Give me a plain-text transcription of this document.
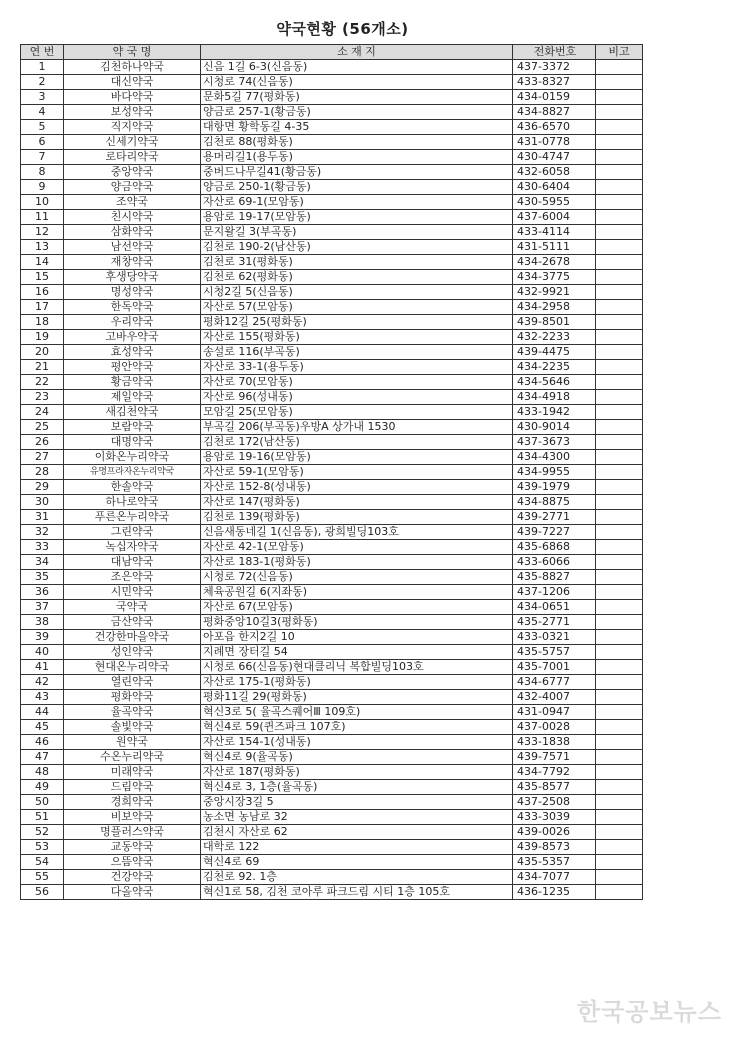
약국현황 (56개소)
연 번	약 국 명	소 재 지	전화번호	비고
1	김천하나약국	신음 1길 6-3(신음동)	437-3372	
2	대신약국	시청로 74(신음동)	433-8327	
3	바다약국	문화5길 77(평화동)	434-0159	
4	보성약국	양금로 257-1(황금동)	434-8827	
5	직지약국	대항면 황학동길 4-35	436-6570	
6	신세기약국	김천로 88(평화동)	431-0778	
7	로타리약국	용머리길1(용두동)	430-4747	
8	중앙약국	중버드나무길41(황금동)	432-6058	
9	양금약국	양금로 250-1(황금동)	430-6404	
10	조약국	자산로 69-1(모암동)	430-5955	
11	친시약국	용암로 19-17(모암동)	437-6004	
12	삼화약국	문지왈길 3(부곡동)	433-4114	
13	남선약국	김천로 190-2(남산동)	431-5111	
14	재창약국	김천로 31(평화동)	434-2678	
15	후생당약국	김천로 62(평화동)	434-3775	
16	명성약국	시청2길 5(신음동)	432-9921	
17	한독약국	자산로 57(모암동)	434-2958	
18	우리약국	평화12길 25(평화동)	439-8501	
19	고바우약국	자산로 155(평화동)	432-2233	
20	효성약국	송설로 116(부곡동)	439-4475	
21	평안약국	자산로 33-1(용두동)	434-2235	
22	황금약국	자산로 70(모암동)	434-5646	
23	제일약국	자산로 96(성내동)	434-4918	
24	새김천약국	모암길 25(모암동)	433-1942	
25	보람약국	부곡길 206(부곡동)우방A 상가내 1530	430-9014	
26	대명약국	김천로 172(남산동)	437-3673	
27	이화온누리약국	용암로 19-16(모암동)	434-4300	
28	유명프라자온누리약국	자산로 59-1(모암동)	434-9955	
29	한솔약국	자산로 152-8(성내동)	439-1979	
30	하나로약국	자산로 147(평화동)	434-8875	
31	푸른온누리약국	김천로 139(평화동)	439-2771	
32	그린약국	신음새동네길 1(신음동), 광희빌딩103호	439-7227	
33	녹십자약국	자산로 42-1(모암동)	435-6868	
34	대남약국	자산로 183-1(평화동)	433-6066	
35	조은약국	시청로 72(신음동)	435-8827	
36	시민약국	체육공원길 6(지좌동)	437-1206	
37	국약국	자산로 67(모암동)	434-0651	
38	금산약국	평화중앙10길3(평화동)	435-2771	
39	건강한마을약국	아포읍 한지2길 10	433-0321	
40	성인약국	지례면 장터길 54	435-5757	
41	현대온누리약국	시청로 66(신음동)현대클리닉 복합빌딩103호	435-7001	
42	열린약국	자산로 175-1(평화동)	434-6777	
43	평화약국	평화11길 29(평화동)	432-4007	
44	율곡약국	혁신3로 5( 율곡스퀘어Ⅲ 109호)	431-0947	
45	솔빛약국	혁신4로 59(퀸즈파크 107호)	437-0028	
46	원약국	자산로 154-1(성내동)	433-1838	
47	수온누리약국	혁신4로 9(율곡동)	439-7571	
48	미래약국	자산로 187(평화동)	434-7792	
49	드림약국	혁신4로 3, 1층(율곡동)	435-8577	
50	경희약국	중앙시장3길 5	437-2508	
51	비보약국	농소면 농남로 32	433-3039	
52	명플러스약국	김천시 자산로 62	439-0026	
53	교동약국	대학로 122	439-8573	
54	으뜸약국	혁신4로 69	435-5357	
55	건강약국	김천로 92. 1층	434-7077	
56	다올약국	혁신1로 58, 김천 코아루 파크드림 시티 1층 105호	436-1235	
한국공보뉴스
